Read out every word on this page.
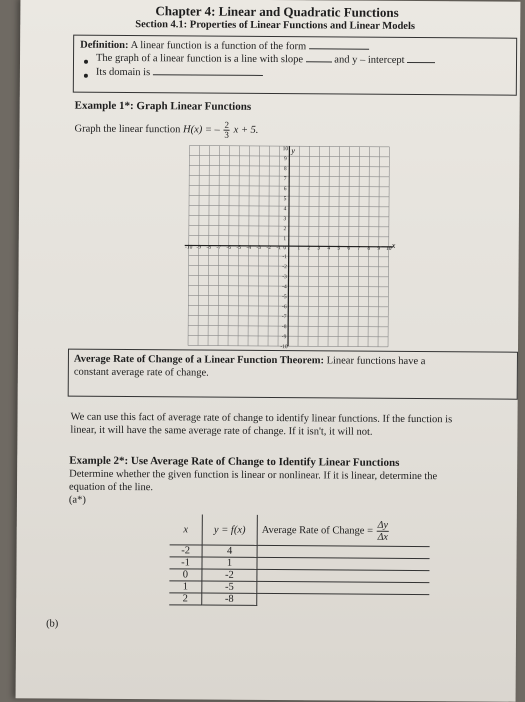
Chapter 4: Linear and Quadratic Functions
Section 4.1: Properties of Linear Functions and Linear Models
Definition: A linear function is a function of the form
The graph of a linear function is a line with slope	and y – intercept
Its domain is
Example 1*: Graph Linear Functions
Graph the linear function H(x) = – $\frac{2}{3}$ x + 5.
-10 -9 -8 -7 -6 -5 -4 -3 -2 -1 0 1 2 3 4 5 6 7 8 9 10
10
9
8
7
6
5
4
3
2
1
-1
-2
-3
-4
-5
-6
-7
-8
-9
-10
x
y
Average Rate of Change of a Linear Function Theorem: Linear functions have a
constant average rate of change.
We can use this fact of average rate of change to identify linear functions. If the function is
linear, it will have the same average rate of change. If it isn't, it will not.
Example 2*: Use Average Rate of Change to Identify Linear Functions
Determine whether the given function is linear or nonlinear. If it is linear, determine the
equation of the line.
(a*)
(b)
x	y = f(x)	Average Rate of Change = $\frac{\Delta y}{\Delta x}$

-2	4	
-1	1	
0	-2	
1	-5	
2	-8	
